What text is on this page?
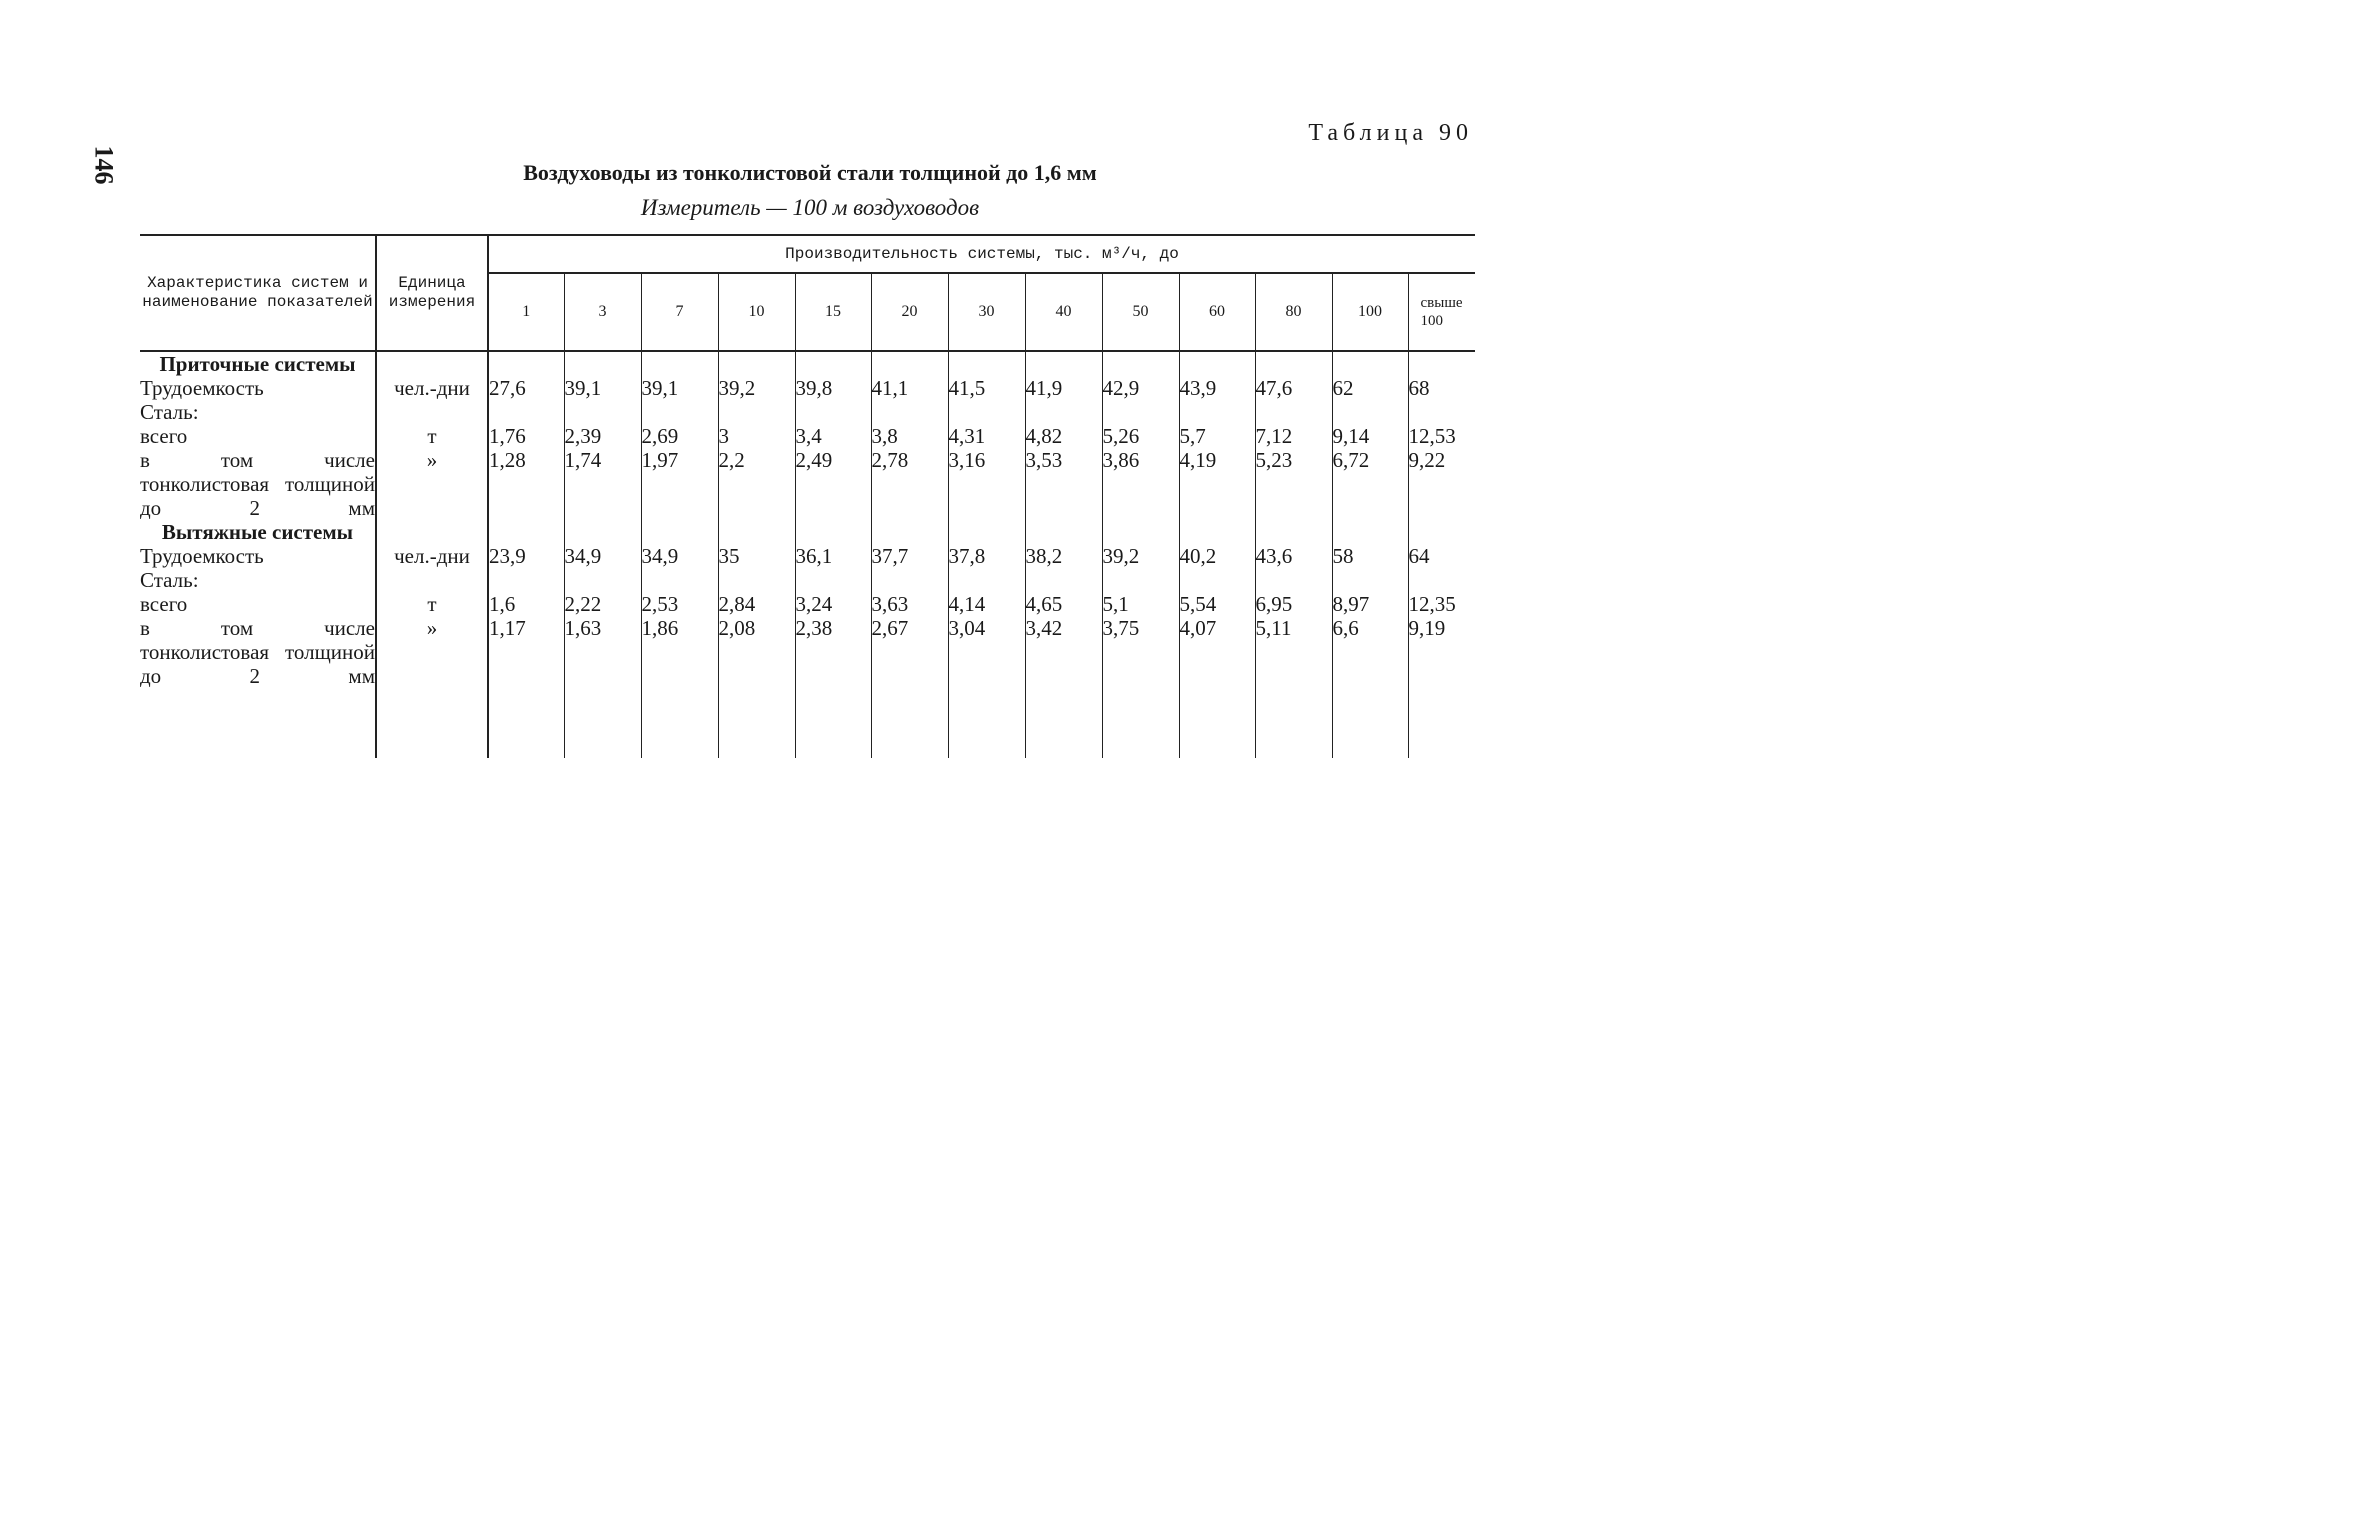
146
Таблица 90
Воздуховоды из тонколистовой стали толщиной до 1,6 мм
Измеритель — 100 м воздуховодов
Характеристика систем и наименование показателей	Единица измерения	Производительность системы, тыс. м³/ч, до												
		1	3	7	10	15	20	30	40	50	60	80	100	свыше 100
Приточные системы														
Трудоемкость	чел.-дни	27,6	39,1	39,1	39,2	39,8	41,1	41,5	41,9	42,9	43,9	47,6	62	68
Сталь:														
всего	т	1,76	2,39	2,69	3	3,4	3,8	4,31	4,82	5,26	5,7	7,12	9,14	12,53
в том числе тонколистовая толщиной до 2 мм	»	1,28	1,74	1,97	2,2	2,49	2,78	3,16	3,53	3,86	4,19	5,23	6,72	9,22
Вытяжные системы														
Трудоемкость	чел.-дни	23,9	34,9	34,9	35	36,1	37,7	37,8	38,2	39,2	40,2	43,6	58	64
Сталь:														
всего	т	1,6	2,22	2,53	2,84	3,24	3,63	4,14	4,65	5,1	5,54	6,95	8,97	12,35
в том числе тонколистовая толщиной до 2 мм	»	1,17	1,63	1,86	2,08	2,38	2,67	3,04	3,42	3,75	4,07	5,11	6,6	9,19
